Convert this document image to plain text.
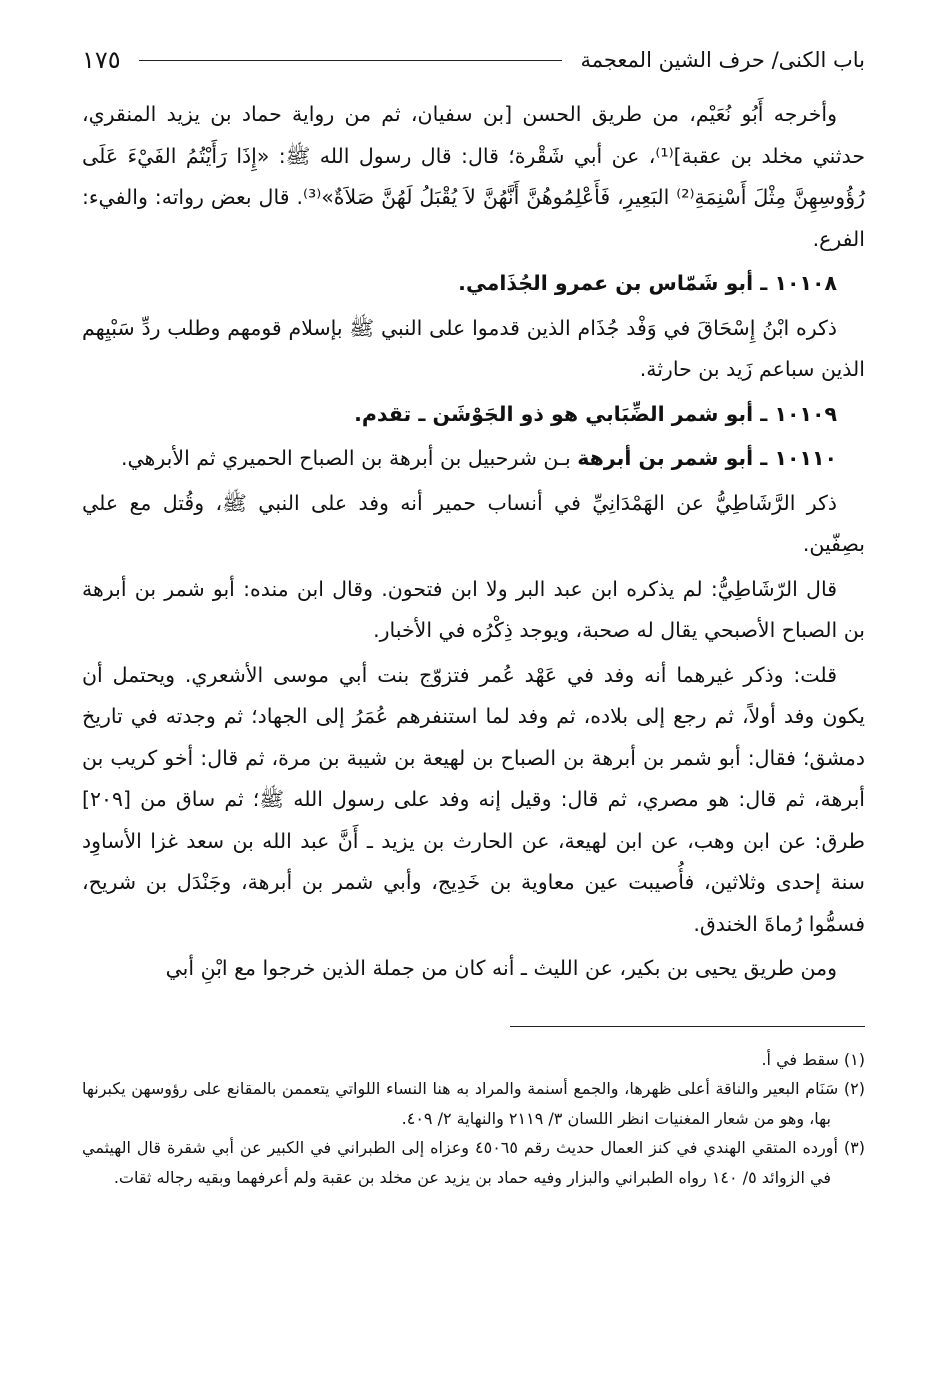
باب الكنى/ حرف الشين المعجمة
١٧٥

وأخرجه أَبُو نُعَيْم، من طريق الحسن [بن سفيان، ثم من رواية حماد بن يزيد المنقري، حدثني مخلد بن عقبة]⁽¹⁾، عن أبي شَقْرة؛ قال: قال رسول الله ﷺ: «إِذَا رَأَيْتُمُ الفَيْءَ عَلَى رُؤُوسِهِنَّ مِثْلَ أَسْنِمَةِ⁽²⁾ البَعِيرِ، فَأَعْلِمُوهُنَّ أَنَّهُنَّ لاَ يُقْبَلُ لَهُنَّ صَلاَةٌ»⁽³⁾. قال بعض رواته: والفيء: الفرع.

١٠١٠٨ ـ أبو شَمّاس بن عمرو الجُذَامي.

ذكره ابْنُ إِسْحَاقَ في وَفْد جُذَام الذين قدموا على النبي ﷺ بإسلام قومهم وطلب ردِّ سَبْيِهم الذين سباعم زَيد بن حارثة.

١٠١٠٩ ـ أبو شمر الضِّبَابي هو ذو الجَوْشَن ـ تقدم.

١٠١١٠ ـ أبو شمر بن أبرهة بـن شرحبيل بن أبرهة بن الصباح الحميري ثم الأبرهي.

ذكر الرَّشَاطِيُّ عن الهَمْدَانِيِّ في أنساب حمير أنه وفد على النبي ﷺ، وقُتل مع علي بصِفّين.

قال الرّشَاطِيُّ: لم يذكره ابن عبد البر ولا ابن فتحون. وقال ابن منده: أبو شمر بن أبرهة بن الصباح الأصبحي يقال له صحبة، ويوجد ذِكْرُه في الأخبار.

قلت: وذكر غيرهما أنه وفد في عَهْد عُمر فتزوّج بنت أبي موسى الأشعري. ويحتمل أن يكون وفد أولاً، ثم رجع إلى بلاده، ثم وفد لما استنفرهم عُمَرُ إلى الجهاد؛ ثم وجدته في تاريخ دمشق؛ فقال: أبو شمر بن أبرهة بن الصباح بن لهيعة بن شيبة بن مرة، ثم قال: أخو كريب بن أبرهة، ثم قال: هو مصري، ثم قال: وقيل إنه وفد على رسول الله ﷺ؛ ثم ساق من [٢٠٩] طرق: عن ابن وهب، عن ابن لهيعة، عن الحارث بن يزيد ـ أَنَّ عبد الله بن سعد غزا الأساوِد سنة إحدى وثلاثين، فأُصيبت عين معاوية بن خَدِيج، وأبي شمر بن أبرهة، وجَنْدَل بن شريح، فسمُّوا رُماةَ الخندق.

ومن طريق يحيى بن بكير، عن الليث ـ أنه كان من جملة الذين خرجوا مع ابْنِ أبي

(١) سقط في أ.

(٢) سَنَام البعير والناقة أعلى ظهرها، والجمع أسنمة والمراد به هنا النساء اللواتي يتعممن بالمقانع على رؤوسهن يكبرنها بها، وهو من شعار المغنيات انظر اللسان ٣/ ٢١١٩ والنهاية ٢/ ٤٠٩.

(٣) أورده المتقي الهندي في كنز العمال حديث رقم ٤٥٠٦٥ وعزاه إلى الطبراني في الكبير عن أبي شقرة قال الهيثمي في الزوائد ٥/ ١٤٠ رواه الطبراني والبزار وفيه حماد بن يزيد عن مخلد بن عقبة ولم أعرفهما وبقيه رجاله ثقات.
